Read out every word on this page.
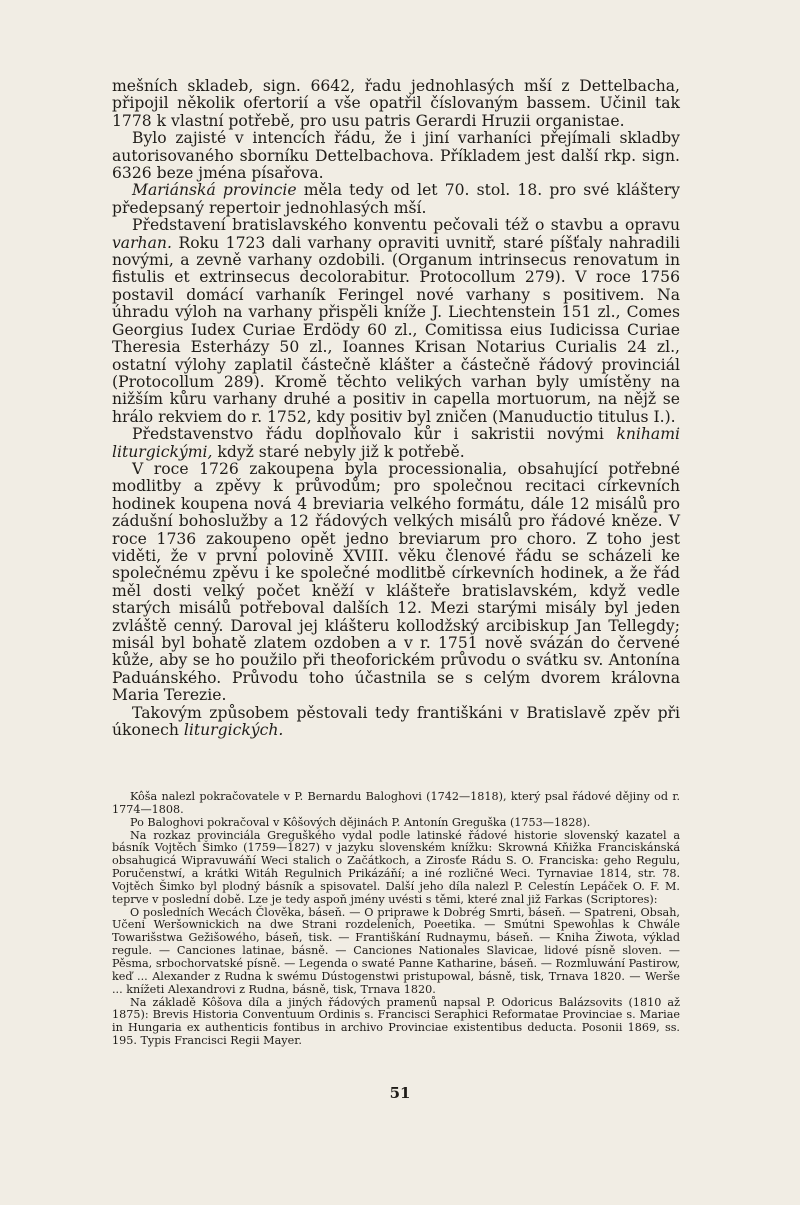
mešních skladeb, sign. 6642, řadu jednohlasých mší z Dettelbacha, připojil několik ofertorií a vše opatřil číslovaným bassem. Učinil tak 1778 k vlastní potřebě, pro usu patris Gerardi Hruzii organistae.

Bylo zajisté v intencích řádu, že i jiní varhaníci přejímali skladby autorisovaného sborníku Dettelbachova. Příkladem jest další rkp. sign. 6326 beze jména písařova.

Mariánská provincie měla tedy od let 70. stol. 18. pro své kláštery předepsaný repertoir jednohlasých mší.

Představení bratislavského konventu pečovali též o stavbu a opravu varhan. Roku 1723 dali varhany opraviti uvnitř, staré píšťaly nahradili novými, a zevně varhany ozdobili. (Organum intrinsecus renovatum in fistulis et extrinsecus decolorabitur. Protocollum 279). V roce 1756 postavil domácí varhaník Feringel nové varhany s positivem. Na úhradu výloh na varhany přispěli kníže J. Liechtenstein 151 zl., Comes Georgius Iudex Curiae Erdödy 60 zl., Comitissa eius Iudicissa Curiae Theresia Esterházy 50 zl., Ioannes Krisan Notarius Curialis 24 zl., ostatní výlohy zaplatil částečně klášter a částečně řádový provinciál (Protocollum 289). Kromě těchto velikých varhan byly umístěny na nižším kůru varhany druhé a positiv in capella mortuorum, na nějž se hrálo rekviem do r. 1752, kdy positiv byl zničen (Manuductio titulus I.).

Představenstvo řádu doplňovalo kůr i sakristii novými knihami liturgickými, když staré nebyly již k potřebě.

V roce 1726 zakoupena byla processionalia, obsahující potřebné modlitby a zpěvy k průvodům; pro společnou recitaci církevních hodinek koupena nová 4 breviaria velkého formátu, dále 12 misálů pro zádušní bohoslužby a 12 řádových velkých misálů pro řádové kněze. V roce 1736 zakoupeno opět jedno breviarum pro choro. Z toho jest viděti, že v první polovině XVIII. věku členové řádu se scházeli ke společnému zpěvu i ke společné modlitbě církevních hodinek, a že řád měl dosti velký počet kněží v klášteře bratislavském, když vedle starých misálů potřeboval dalších 12. Mezi starými misály byl jeden zvláště cenný. Daroval jej klášteru kollodžský arcibiskup Jan Tellegdy; misál byl bohatě zlatem ozdoben a v r. 1751 nově svázán do červené kůže, aby se ho použilo při theoforickém průvodu o svátku sv. Antonína Paduánského. Průvodu toho účastnila se s celým dvorem královna Maria Terezie.

Takovým způsobem pěstovali tedy františkáni v Bratislavě zpěv při úkonech liturgických.

Kôša nalezl pokračovatele v P. Bernardu Baloghovi (1742—1818), který psal řádové dějiny od r. 1774—1808.

Po Baloghovi pokračoval v Kôšových dějinách P. Antonín Greguška (1753—1828).

Na rozkaz provinciála Greguškého vydal podle latinské řádové historie slovenský kazatel a básník Vojtěch Šimko (1759—1827) v jazyku slovenském knížku: Skrowná Kňižka Franciskánská obsahugicá Wipravuwáňí Weci stalich o Začátkoch, a Zirosťe Rádu S. O. Franciska: geho Regulu, Poručenstwí, a krátki Witáh Regulnich Prikázáňí; a iné rozličné Weci. Tyrnaviae 1814, str. 78. Vojtěch Šimko byl plodný básník a spisovatel. Další jeho díla nalezl P. Celestín Lepáček O. F. M. teprve v poslední době. Lze je tedy aspoň jmény uvésti s těmi, které znal již Farkas (Scriptores):

O posledních Wecách Člověka, báseň. — O priprawe k Dobrég Smrti, báseň. — Spatreni, Obsah, Učeni Weršownickich na dwe Strani rozdeleních, Poeetika. — Smútni Spewohlas k Chwále Towarišstwa Gežišowého, báseň, tisk. — Františkání Rudnaymu, báseň. — Kniha Žiwota, výklad regule. — Canciones latinae, básně. — Canciones Nationales Slavicae, lidové písně sloven. — Pěsma, srbochorvatské písně. — Legenda o swaté Panne Katharine, báseň. — Rozmluwání Pastirow, keď ... Alexander z Rudna k swému Dústogenstwi pristupowal, básně, tisk, Trnava 1820. — Werše ... knížeti Alexandrovi z Rudna, básně, tisk, Trnava 1820.

Na základě Kôšova díla a jiných řádových pramenů napsal P. Odoricus Balázsovits (1810 až 1875): Brevis Historia Conventuum Ordinis s. Francisci Seraphici Reformatae Provinciae s. Mariae in Hungaria ex authenticis fontibus in archivo Provinciae existentibus deducta. Posonii 1869, ss. 195. Typis Francisci Regii Mayer.

51
